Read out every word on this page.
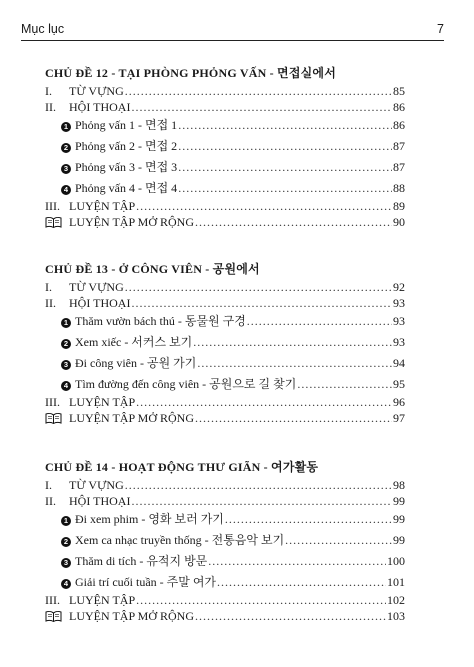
Mục lục	7
CHỦ ĐỀ 12 - TẠI PHÒNG PHỎNG VẤN - 면접실에서
I.	TỪ VỰNG .....	85
II.	HỘI THOẠI .....	86
1 Phỏng vấn 1 - 면접 1 .....	86
2 Phỏng vấn 2 - 면접 2 .....	87
3 Phỏng vấn 3 - 면접 3 .....	87
4 Phỏng vấn 4 - 면접 4 .....	88
III. LUYỆN TẬP .....	89
LUYỆN TẬP MỞ RỘNG .....	90
CHỦ ĐỀ 13 - Ở CÔNG VIÊN - 공원에서
I.	TỪ VỰNG .....	92
II.	HỘI THOẠI .....	93
1 Thăm vườn bách thú - 동물원 구경 .....	93
2 Xem xiếc - 서커스 보기 .....	93
3 Đi công viên - 공원 가기 .....	94
4 Tìm đường đến công viên - 공원으로 길 찾기 .....	95
III. LUYỆN TẬP .....	96
LUYỆN TẬP MỞ RỘNG .....	97
CHỦ ĐỀ 14 - HOẠT ĐỘNG THƯ GIÃN - 여가활동
I.	TỪ VỰNG .....	98
II.	HỘI THOẠI .....	99
1 Đi xem phim - 영화 보러 가기 .....	99
2 Xem ca nhạc truyền thống - 전통음악 보기 .....	99
3 Thăm di tích - 유적지 방문 .....	100
4 Giải trí cuối tuần - 주말 여가 .....	101
III. LUYỆN TẬP .....	102
LUYỆN TẬP MỞ RỘNG .....	103
